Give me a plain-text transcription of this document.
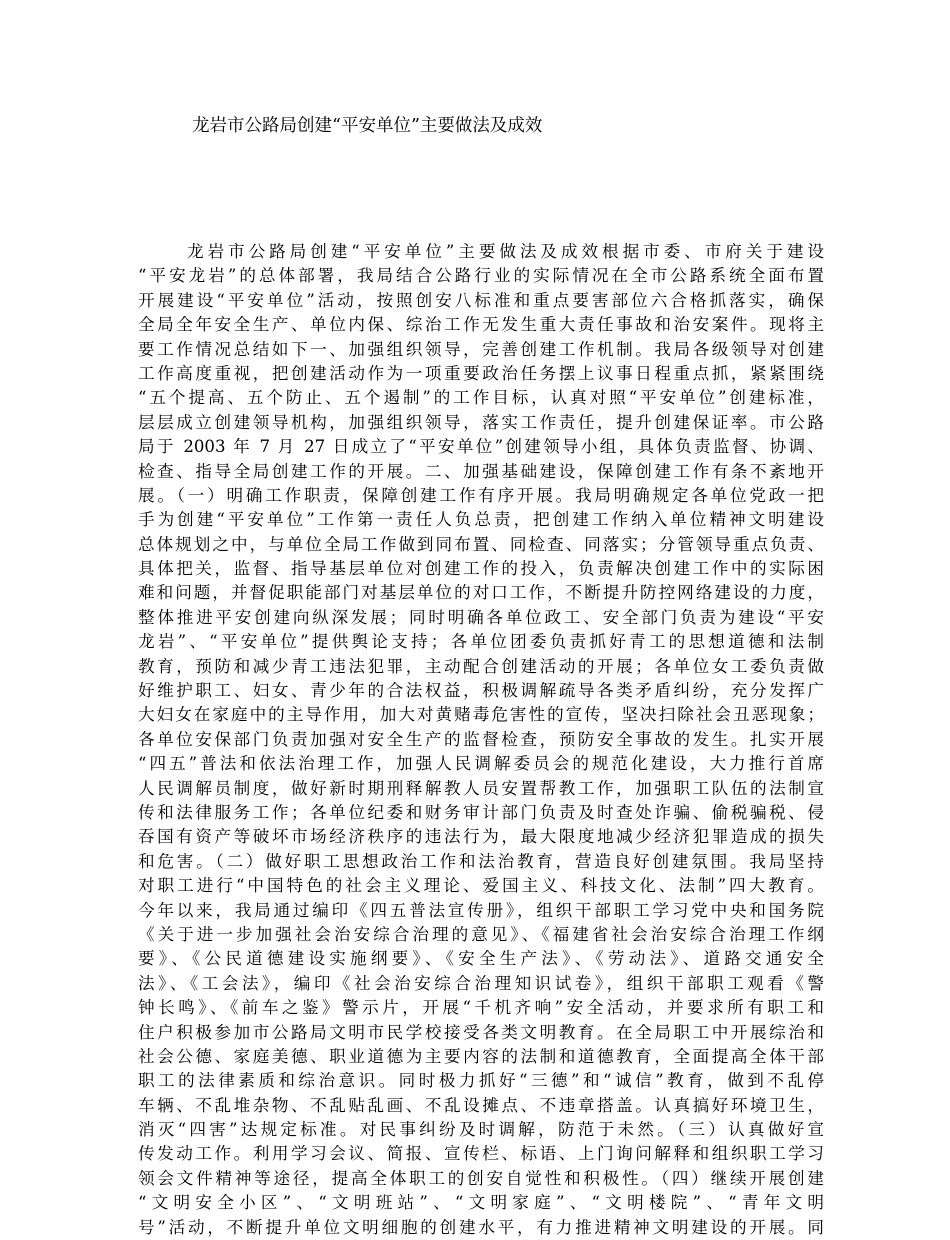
龙岩市公路局创建“平安单位”主要做法及成效
龙岩市公路局创建“平安单位”主要做法及成效根据市委、市府关于建设
“平安龙岩”的总体部署，我局结合公路行业的实际情况在全市公路系统全面布置
开展建设“平安单位”活动，按照创安八标准和重点要害部位六合格抓落实，确保
全局全年安全生产、单位内保、综治工作无发生重大责任事故和治安案件。现将主
要工作情况总结如下一、加强组织领导，完善创建工作机制。我局各级领导对创建
工作高度重视，把创建活动作为一项重要政治任务摆上议事日程重点抓，紧紧围绕
“五个提高、五个防止、五个遏制”的工作目标，认真对照“平安单位”创建标准，
层层成立创建领导机构，加强组织领导，落实工作责任，提升创建保证率。市公路
局于 2003 年 7 月 27 日成立了“平安单位”创建领导小组，具体负责监督、协调、
检查、指导全局创建工作的开展。二、加强基础建设，保障创建工作有条不紊地开
展。（一）明确工作职责，保障创建工作有序开展。我局明确规定各单位党政一把
手为创建“平安单位”工作第一责任人负总责，把创建工作纳入单位精神文明建设
总体规划之中，与单位全局工作做到同布置、同检查、同落实；分管领导重点负责、
具体把关，监督、指导基层单位对创建工作的投入，负责解决创建工作中的实际困
难和问题，并督促职能部门对基层单位的对口工作，不断提升防控网络建设的力度，
整体推进平安创建向纵深发展；同时明确各单位政工、安全部门负责为建设“平安
龙岩”、“平安单位”提供舆论支持；各单位团委负责抓好青工的思想道德和法制
教育，预防和减少青工违法犯罪，主动配合创建活动的开展；各单位女工委负责做
好维护职工、妇女、青少年的合法权益，积极调解疏导各类矛盾纠纷，充分发挥广
大妇女在家庭中的主导作用，加大对黄赌毒危害性的宣传，坚决扫除社会丑恶现象；
各单位安保部门负责加强对安全生产的监督检查，预防安全事故的发生。扎实开展
“四五”普法和依法治理工作，加强人民调解委员会的规范化建设，大力推行首席
人民调解员制度，做好新时期刑释解教人员安置帮教工作，加强职工队伍的法制宣
传和法律服务工作；各单位纪委和财务审计部门负责及时查处诈骗、偷税骗税、侵
吞国有资产等破坏市场经济秩序的违法行为，最大限度地减少经济犯罪造成的损失
和危害。（二）做好职工思想政治工作和法治教育，营造良好创建氛围。我局坚持
对职工进行“中国特色的社会主义理论、爱国主义、科技文化、法制”四大教育。
今年以来，我局通过编印《四五普法宣传册》，组织干部职工学习党中央和国务院
《关于进一步加强社会治安综合治理的意见》、《福建省社会治安综合治理工作纲
要》、《公民道德建设实施纲要》、《安全生产法》、《劳动法》、道路交通安全
法》、《工会法》，编印《社会治安综合治理知识试卷》，组织干部职工观看《警
钟长鸣》、《前车之鉴》警示片，开展“千机齐响”安全活动，并要求所有职工和
住户积极参加市公路局文明市民学校接受各类文明教育。在全局职工中开展综治和
社会公德、家庭美德、职业道德为主要内容的法制和道德教育，全面提高全体干部
职工的法律素质和综治意识。同时极力抓好“三德”和“诚信”教育，做到不乱停
车辆、不乱堆杂物、不乱贴乱画、不乱设摊点、不违章搭盖。认真搞好环境卫生，
消灭“四害”达规定标准。对民事纠纷及时调解，防范于未然。（三）认真做好宣
传发动工作。利用学习会议、简报、宣传栏、标语、上门询问解释和组织职工学习
领会文件精神等途径，提高全体职工的创安自觉性和积极性。（四）继续开展创建
“文明安全小区”、“文明班站”、“文明家庭”、“文明楼院”、“青年文明
号”活动，不断提升单位文明细胞的创建水平，有力推进精神文明建设的开展。同
